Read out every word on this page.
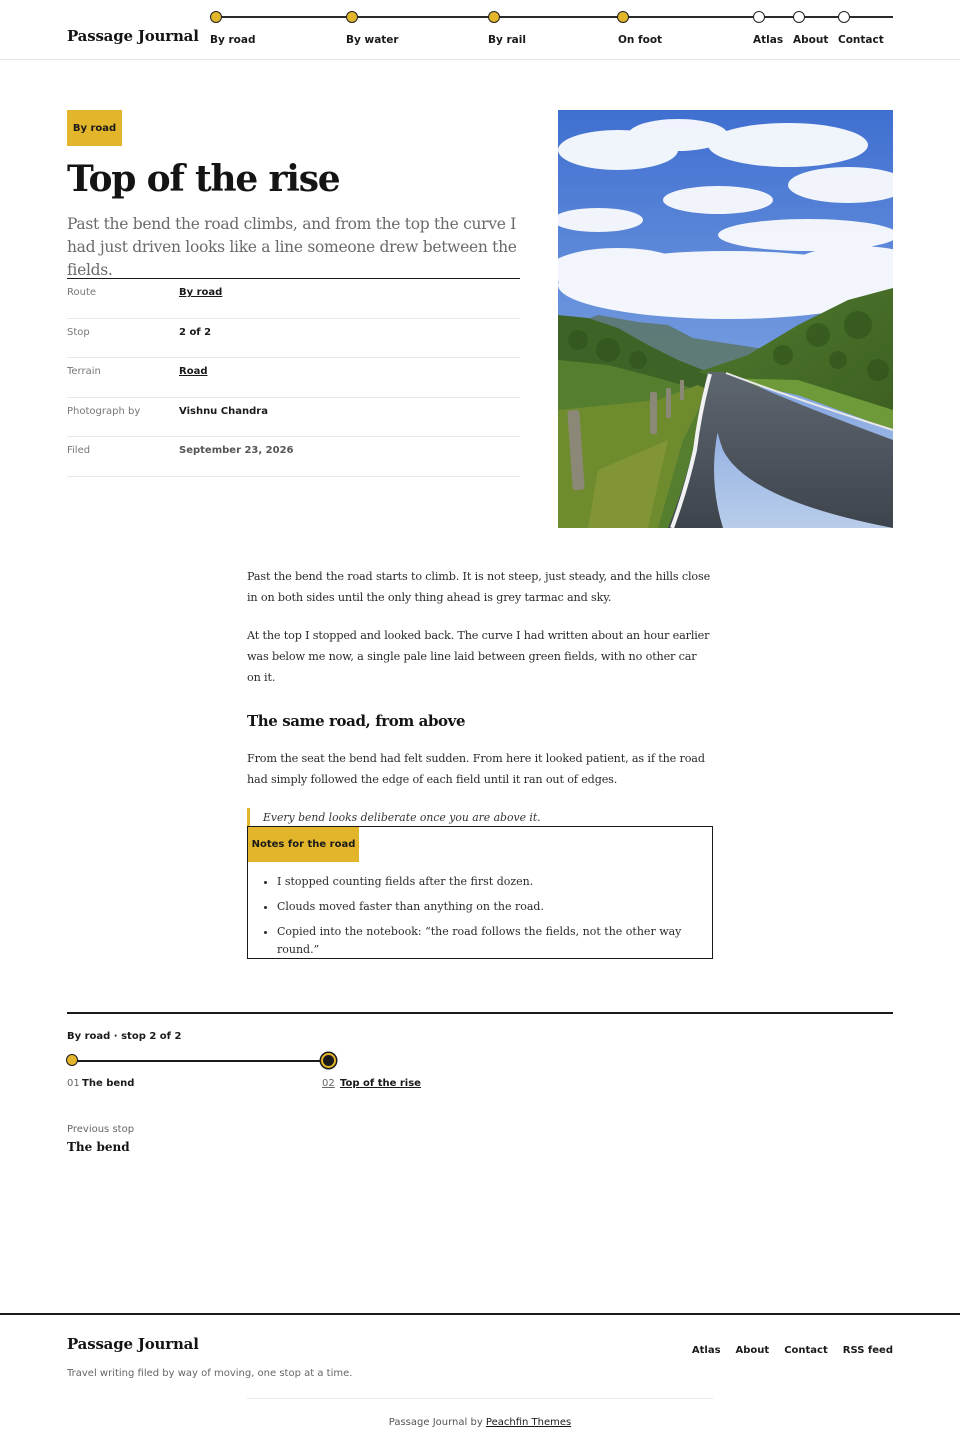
Passage Journal By road	By water	By rail	On foot	Atlas About Contact
By road
Top of the rise

Past the bend the road climbs, and from the top the curve I had just driven looks like a line someone drew between the fields.

Route	By road
Stop	2 of 2
Terrain	Road
Photograph by	Vishnu Chandra
Filed	September 23, 2026

Past the bend the road starts to climb. It is not steep, just steady, and the hills close in on both sides until the only thing ahead is grey tarmac and sky.

At the top I stopped and looked back. The curve I had written about an hour earlier was below me now, a single pale line laid between green fields, with no other car on it.

The same road, from above

From the seat the bend had felt sudden. From here it looked patient, as if the road had simply followed the edge of each field until it ran out of edges.

Every bend looks deliberate once you are above it.
Notes for the road
• I stopped counting fields after the first dozen.
• Clouds moved faster than anything on the road.
• Copied into the notebook: “the road follows the fields, not the other way round.”
By road · stop 2 of 2
01 The bend	02 Top of the rise
Previous stop
The bend
Passage Journal
Travel writing filed by way of moving, one stop at a time.
Atlas About Contact RSS feed
Passage Journal by Peachfin Themes
